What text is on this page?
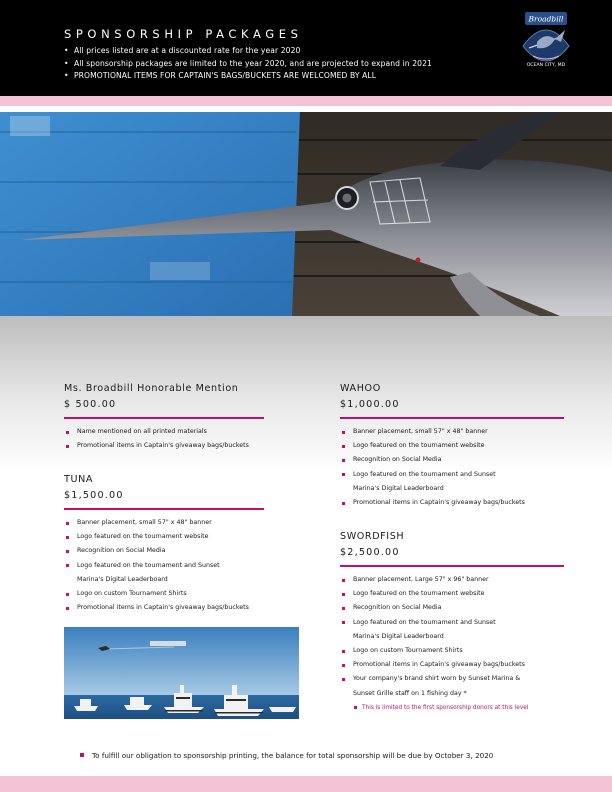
SPONSORSHIP PACKAGES
• All prices listed are at a discounted rate for the year 2020
• All sponsorship packages are limited to the year 2020, and are projected to expand in 2021
• PROMOTIONAL ITEMS FOR CAPTAIN'S BAGS/BUCKETS ARE WELCOMED BY ALL
Broadbill
OCEAN CITY, MD
Ms. Broadbill Honorable Mention
$ 500.00
Name mentioned on all printed materials
Promotional items in Captain's giveaway bags/buckets
TUNA
$1,500.00
Banner placement, small 57" x 48" banner
Logo featured on the tournament website
Recognition on Social Media
Logo featured on the tournament and Sunset
Marina's Digital Leaderboard
Logo on custom Tournament Shirts
Promotional items in Captain's giveaway bags/buckets
WAHOO
$1,000.00
Banner placement, small 57" x 48" banner
Logo featured on the tournament website
Recognition on Social Media
Logo featured on the tournament and Sunset
Marina's Digital Leaderboard
Promotional items in Captain's giveaway bags/buckets
SWORDFISH
$2,500.00
Banner placement, Large 57" x 96" banner
Logo featured on the tournament website
Recognition on Social Media
Logo featured on the tournament and Sunset
Marina's Digital Leaderboard
Logo on custom Tournament Shirts
Promotional items in Captain's giveaway bags/buckets
Your company's brand shirt worn by Sunset Marina &
Sunset Grille staff on 1 fishing day *
This is limited to the first sponsorship donors at this level
To fulfill our obligation to sponsorship printing, the balance for total sponsorship will be due by October 3, 2020
